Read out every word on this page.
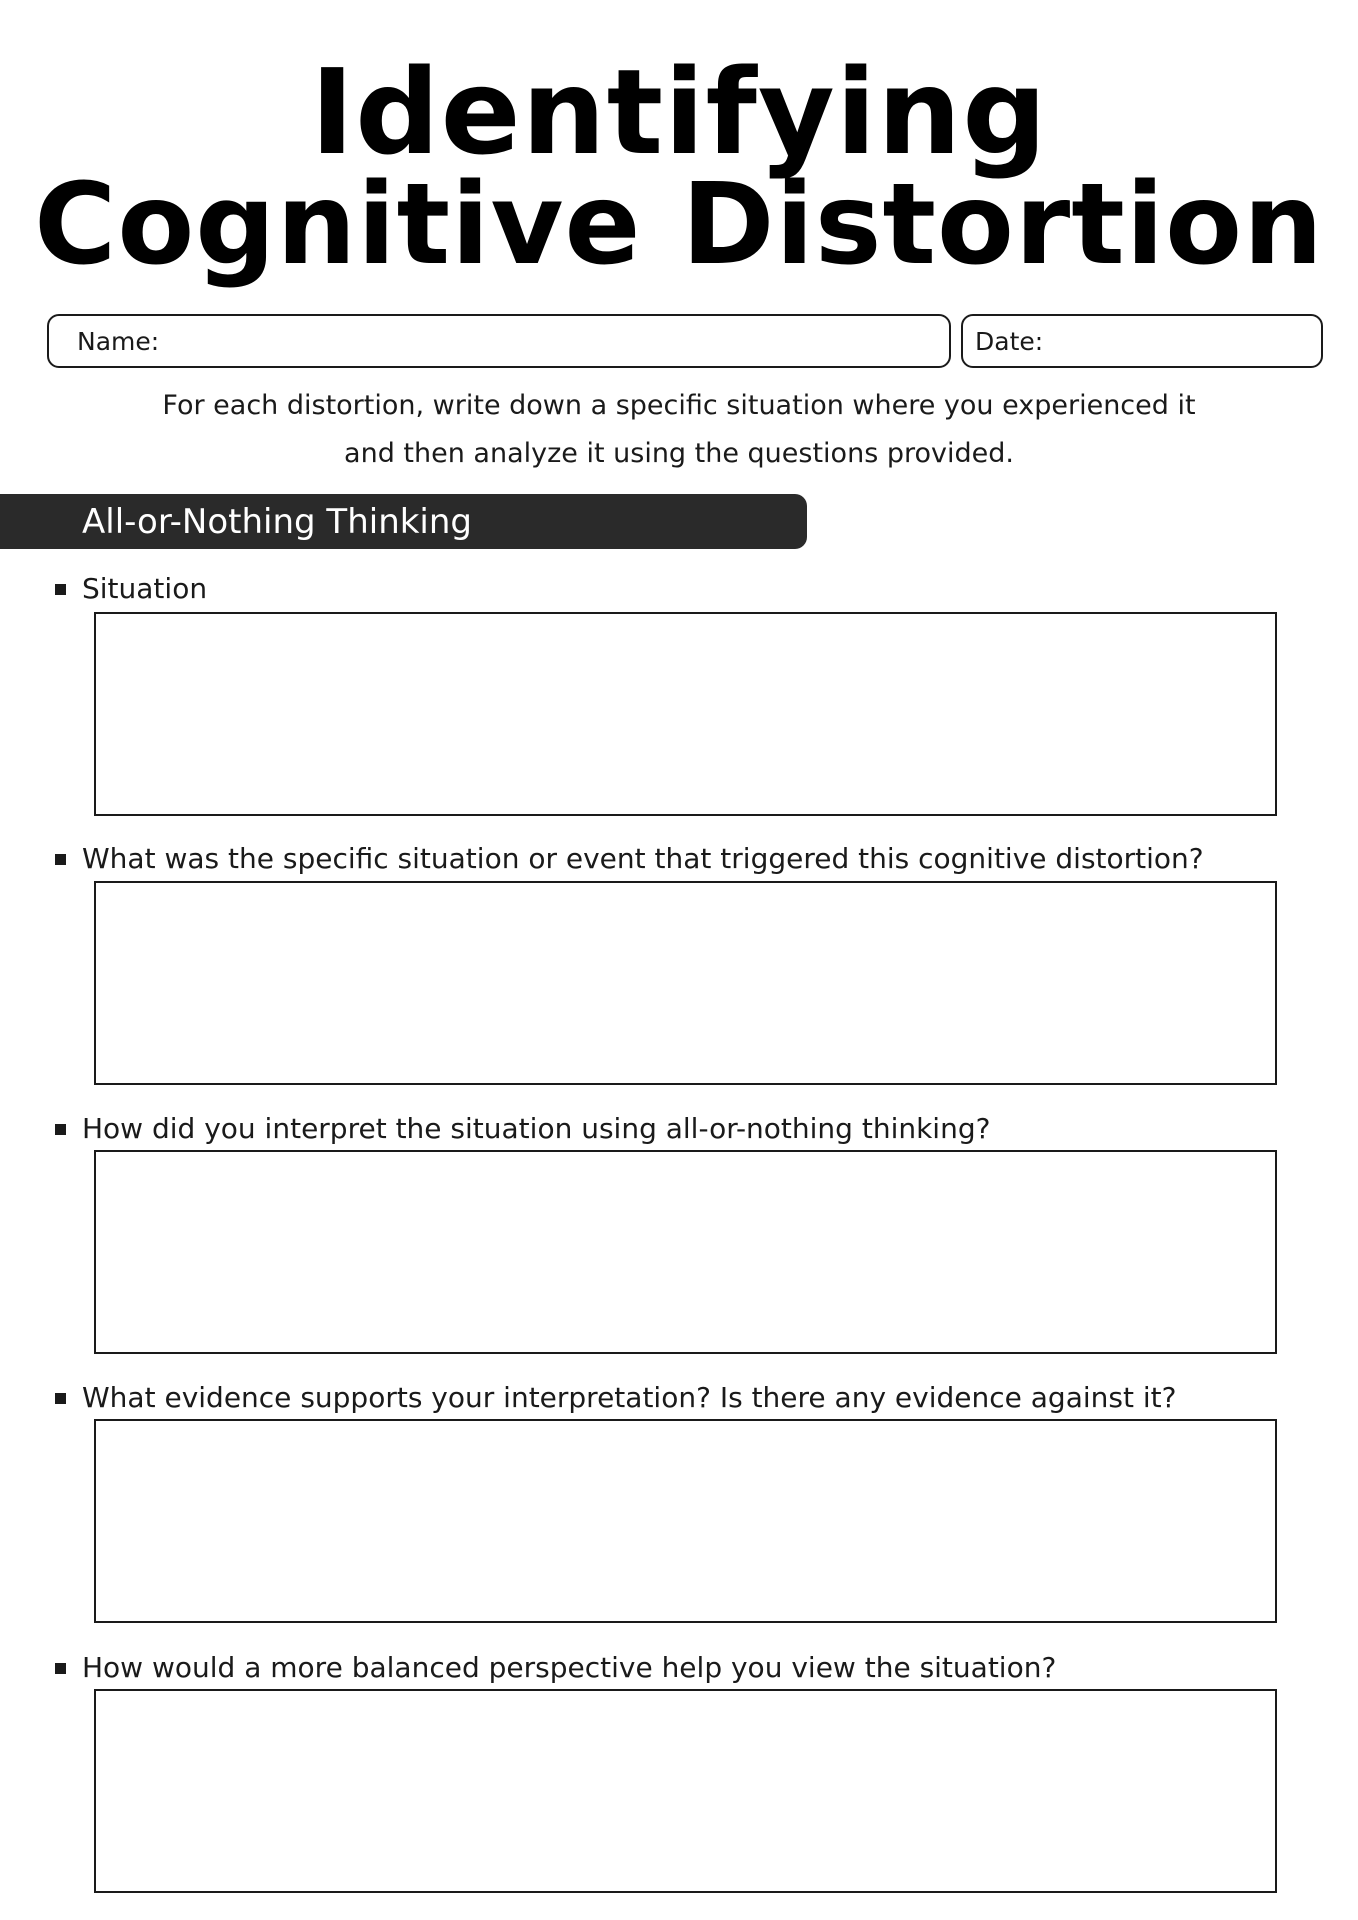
Identifying
Cognitive Distortion
Name:	Date:
For each distortion, write down a specific situation where you experienced it
and then analyze it using the questions provided.
All-or-Nothing Thinking
Situation
What was the specific situation or event that triggered this cognitive distortion?
How did you interpret the situation using all-or-nothing thinking?
What evidence supports your interpretation? Is there any evidence against it?
How would a more balanced perspective help you view the situation?
